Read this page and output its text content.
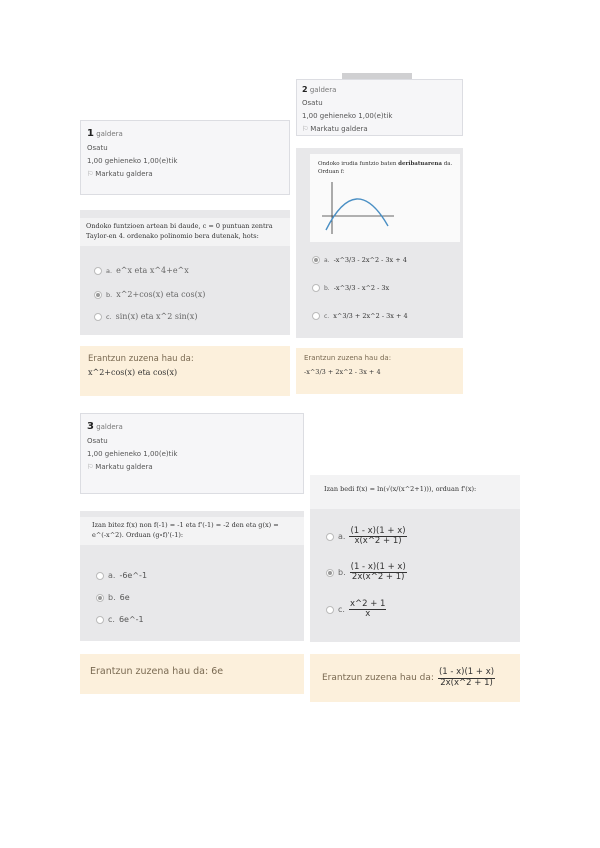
2 galdera
Osatu
1,00 gehieneko 1,00(e)tik
⚐ Markatu galdera
1 galdera
Osatu
1,00 gehieneko 1,00(e)tik
⚐ Markatu galdera
Ondoko funtzioen artean bi daude, c = 0 puntuan zentra Taylor-en 4. ordenako polinomio bera dutenak, hots:
a. e^x eta x^4+e^x
b. x^2+cos(x) eta cos(x)
c. sin(x) eta x^2 sin(x)
Erantzun zuzena hau da:
x^2+cos(x) eta cos(x)
Ondoko irudia funtzio baten deribatuarena da.
Orduan f:
a. -x^3/3 - 2x^2 - 3x + 4
b. -x^3/3 - x^2 - 3x
c. x^3/3 + 2x^2 - 3x + 4
Erantzun zuzena hau da:
-x^3/3 + 2x^2 - 3x + 4
3 galdera
Osatu
1,00 gehieneko 1,00(e)tik
⚐ Markatu galdera
Izan bitez f(x) non f(-1) = -1 eta f'(-1) = -2 den eta g(x) = e^(-x^2). Orduan (g∘f)'(-1):
a. -6e^-1
b. 6e
c. 6e^-1
Erantzun zuzena hau da: 6e
Izan bedi f(x) = ln(√(x/(x^2+1))), orduan f'(x):
a. $\frac{(1 - x)(1 + x)}{x(x\^{}2 + 1)}$
b. $\frac{(1 - x)(1 + x)}{2x(x\^{}2 + 1)}$
c. $\frac{x\^{}2 + 1}{x}$
Erantzun zuzena hau da: $\frac{(1 - x)(1 + x)}{2x(x\^{}2 + 1)}$
